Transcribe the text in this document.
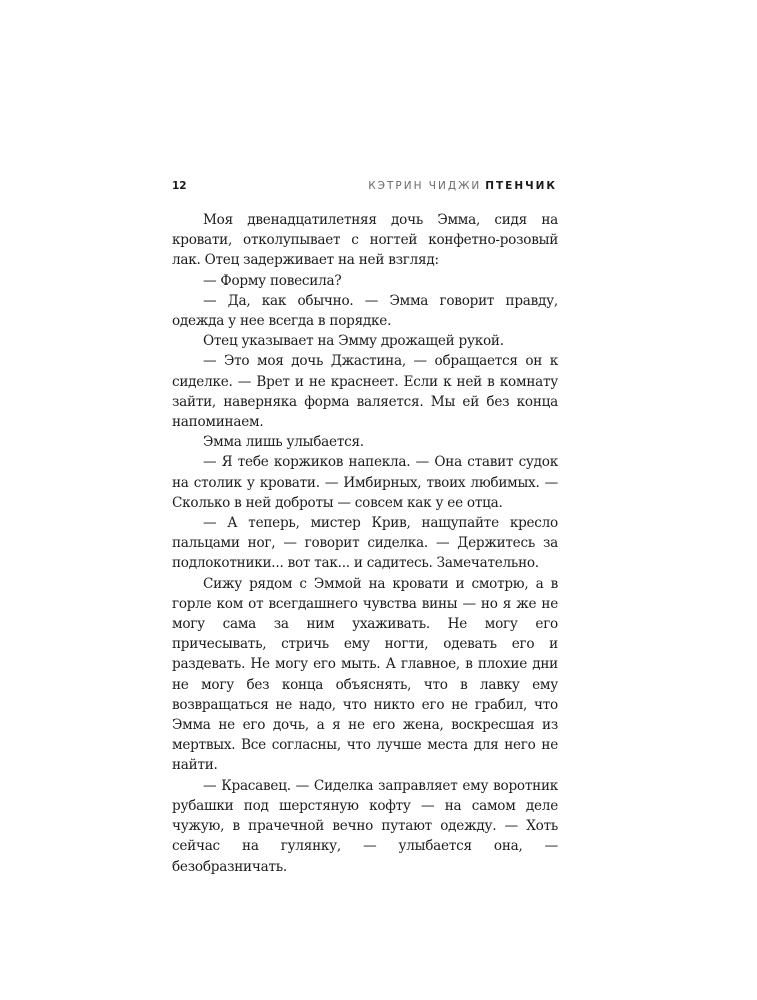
12	КЭТРИН ЧИДЖИ ПТЕНЧИК

Моя двенадцатилетняя дочь Эмма, сидя на кровати, отколупывает с ногтей конфетно-розовый лак. Отец задерживает на ней взгляд:

— Форму повесила?

— Да, как обычно. — Эмма говорит правду, одежда у нее всегда в порядке.

Отец указывает на Эмму дрожащей рукой.

— Это моя дочь Джастина, — обращается он к сиделке. — Врет и не краснеет. Если к ней в комнату зайти, наверняка форма валяется. Мы ей без конца напоминаем.

Эмма лишь улыбается.

— Я тебе коржиков напекла. — Она ставит судок на столик у кровати. — Имбирных, твоих любимых. — Сколько в ней доброты — совсем как у ее отца.

— А теперь, мистер Крив, нащупайте кресло пальцами ног, — говорит сиделка. — Держитесь за подлокотники... вот так... и садитесь. Замечательно.

Сижу рядом с Эммой на кровати и смотрю, а в горле ком от всегдашнего чувства вины — но я же не могу сама за ним ухаживать. Не могу его причесывать, стричь ему ногти, одевать его и раздевать. Не могу его мыть. А главное, в плохие дни не могу без конца объяснять, что в лавку ему возвращаться не надо, что никто его не грабил, что Эмма не его дочь, а я не его жена, воскресшая из мертвых. Все согласны, что лучше места для него не найти.

— Красавец. — Сиделка заправляет ему воротник рубашки под шерстяную кофту — на самом деле чужую, в прачечной вечно путают одежду. — Хоть сейчас на гулянку, — улыбается она, — безобразничать.
